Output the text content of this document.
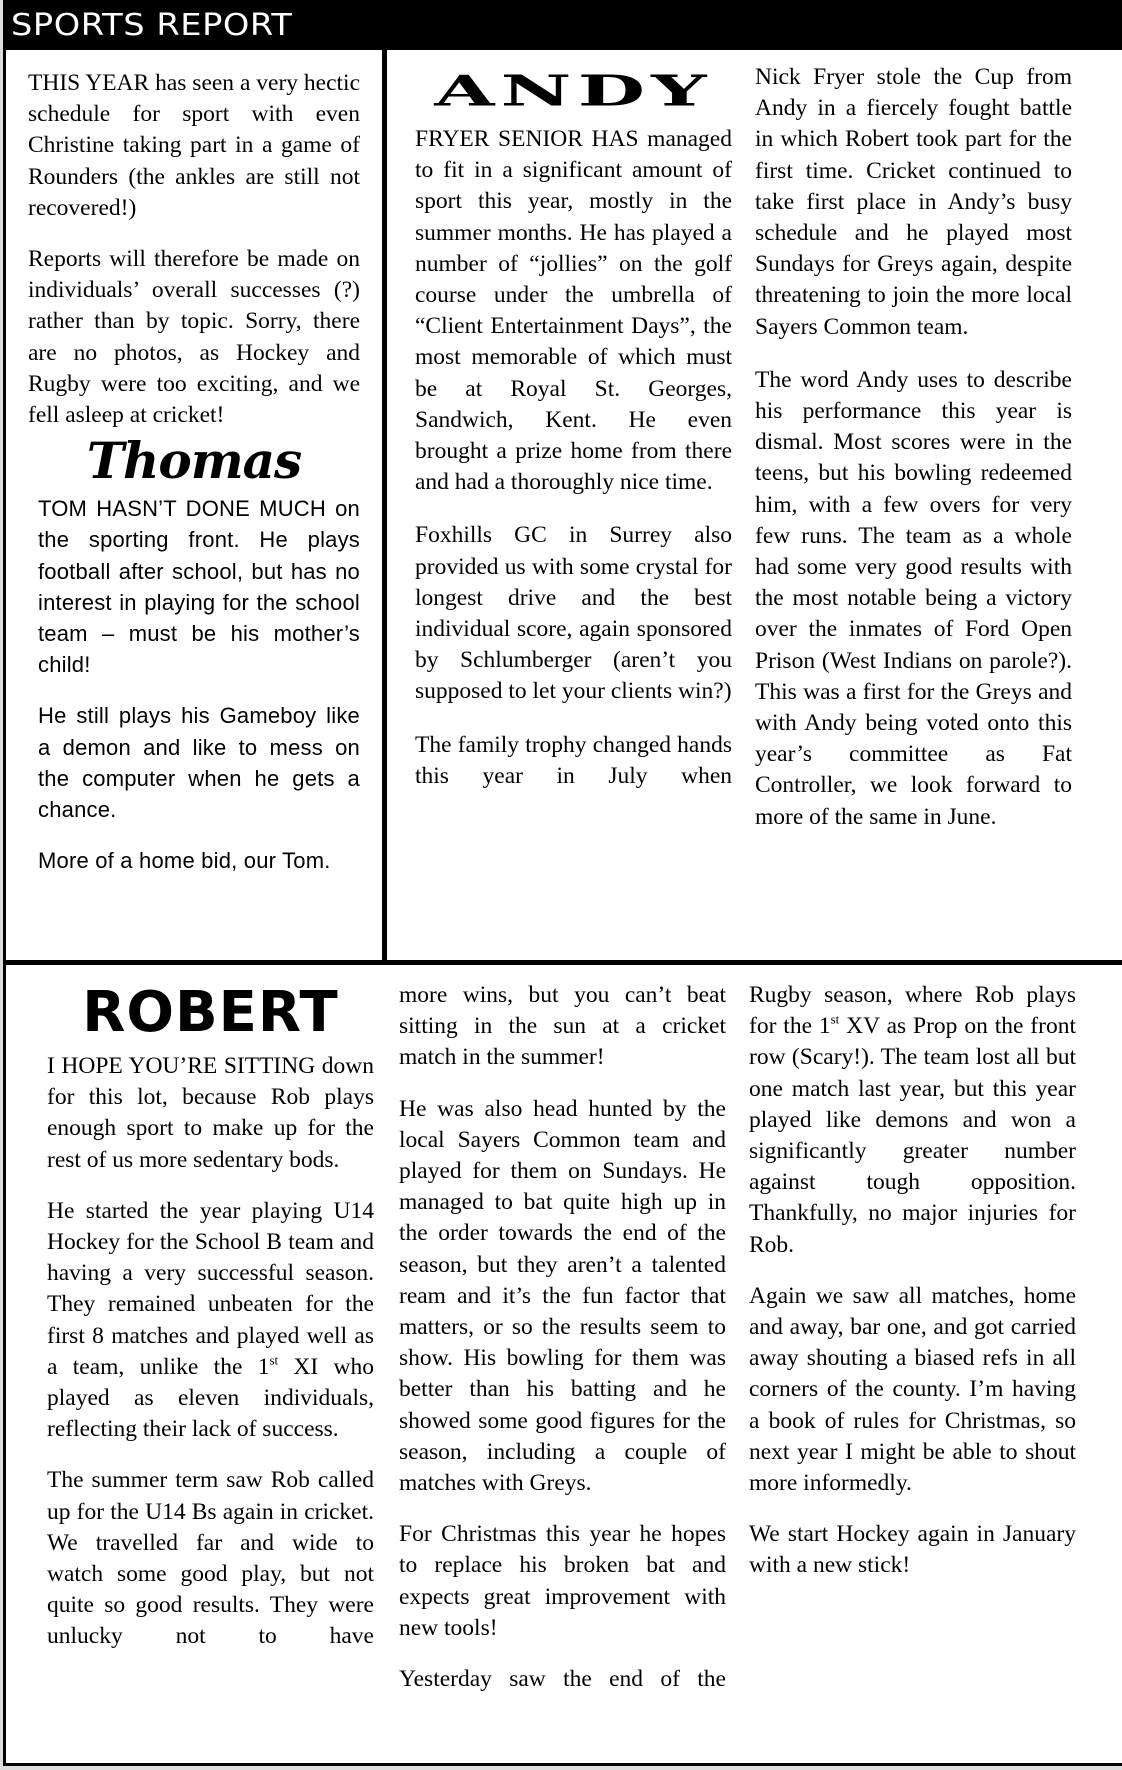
SPORTS REPORT

THIS YEAR has seen a very hectic schedule for sport with even Christine taking part in a game of Rounders (the ankles are still not recovered!)

Reports will therefore be made on individuals’ overall successes (?) rather than by topic. Sorry, there are no photos, as Hockey and Rugby were too exciting, and we fell asleep at cricket!

Thomas

TOM HASN’T DONE MUCH on the sporting front. He plays football after school, but has no interest in playing for the school team – must be his mother’s child!

He still plays his Gameboy like a demon and like to mess on the computer when he gets a chance.

More of a home bid, our Tom.

ANDY

FRYER SENIOR HAS managed to fit in a significant amount of sport this year, mostly in the summer months. He has played a number of “jollies” on the golf course under the umbrella of “Client Entertainment Days”, the most memorable of which must be at Royal St. Georges, Sandwich, Kent. He even brought a prize home from there and had a thoroughly nice time.

Foxhills GC in Surrey also provided us with some crystal for longest drive and the best individual score, again sponsored by Schlumberger (aren’t you supposed to let your clients win?)

The family trophy changed hands this year in July when

Nick Fryer stole the Cup from Andy in a fiercely fought battle in which Robert took part for the first time. Cricket continued to take first place in Andy’s busy schedule and he played most Sundays for Greys again, despite threatening to join the more local Sayers Common team.

The word Andy uses to describe his performance this year is dismal. Most scores were in the teens, but his bowling redeemed him, with a few overs for very few runs. The team as a whole had some very good results with the most notable being a victory over the inmates of Ford Open Prison (West Indians on parole?). This was a first for the Greys and with Andy being voted onto this year’s committee as Fat Controller, we look forward to more of the same in June.

ROBERT

I HOPE YOU’RE SITTING down for this lot, because Rob plays enough sport to make up for the rest of us more sedentary bods.

He started the year playing U14 Hockey for the School B team and having a very successful season. They remained unbeaten for the first 8 matches and played well as a team, unlike the 1st XI who played as eleven individuals, reflecting their lack of success.

The summer term saw Rob called up for the U14 Bs again in cricket. We travelled far and wide to watch some good play, but not quite so good results. They were unlucky not to have

more wins, but you can’t beat sitting in the sun at a cricket match in the summer!

He was also head hunted by the local Sayers Common team and played for them on Sundays. He managed to bat quite high up in the order towards the end of the season, but they aren’t a talented ream and it’s the fun factor that matters, or so the results seem to show. His bowling for them was better than his batting and he showed some good figures for the season, including a couple of matches with Greys.

For Christmas this year he hopes to replace his broken bat and expects great improvement with new tools!

Yesterday saw the end of the

Rugby season, where Rob plays for the 1st XV as Prop on the front row (Scary!). The team lost all but one match last year, but this year played like demons and won a significantly greater number against tough opposition. Thankfully, no major injuries for Rob.

Again we saw all matches, home and away, bar one, and got carried away shouting a biased refs in all corners of the county. I’m having a book of rules for Christmas, so next year I might be able to shout more informedly.

We start Hockey again in January with a new stick!
